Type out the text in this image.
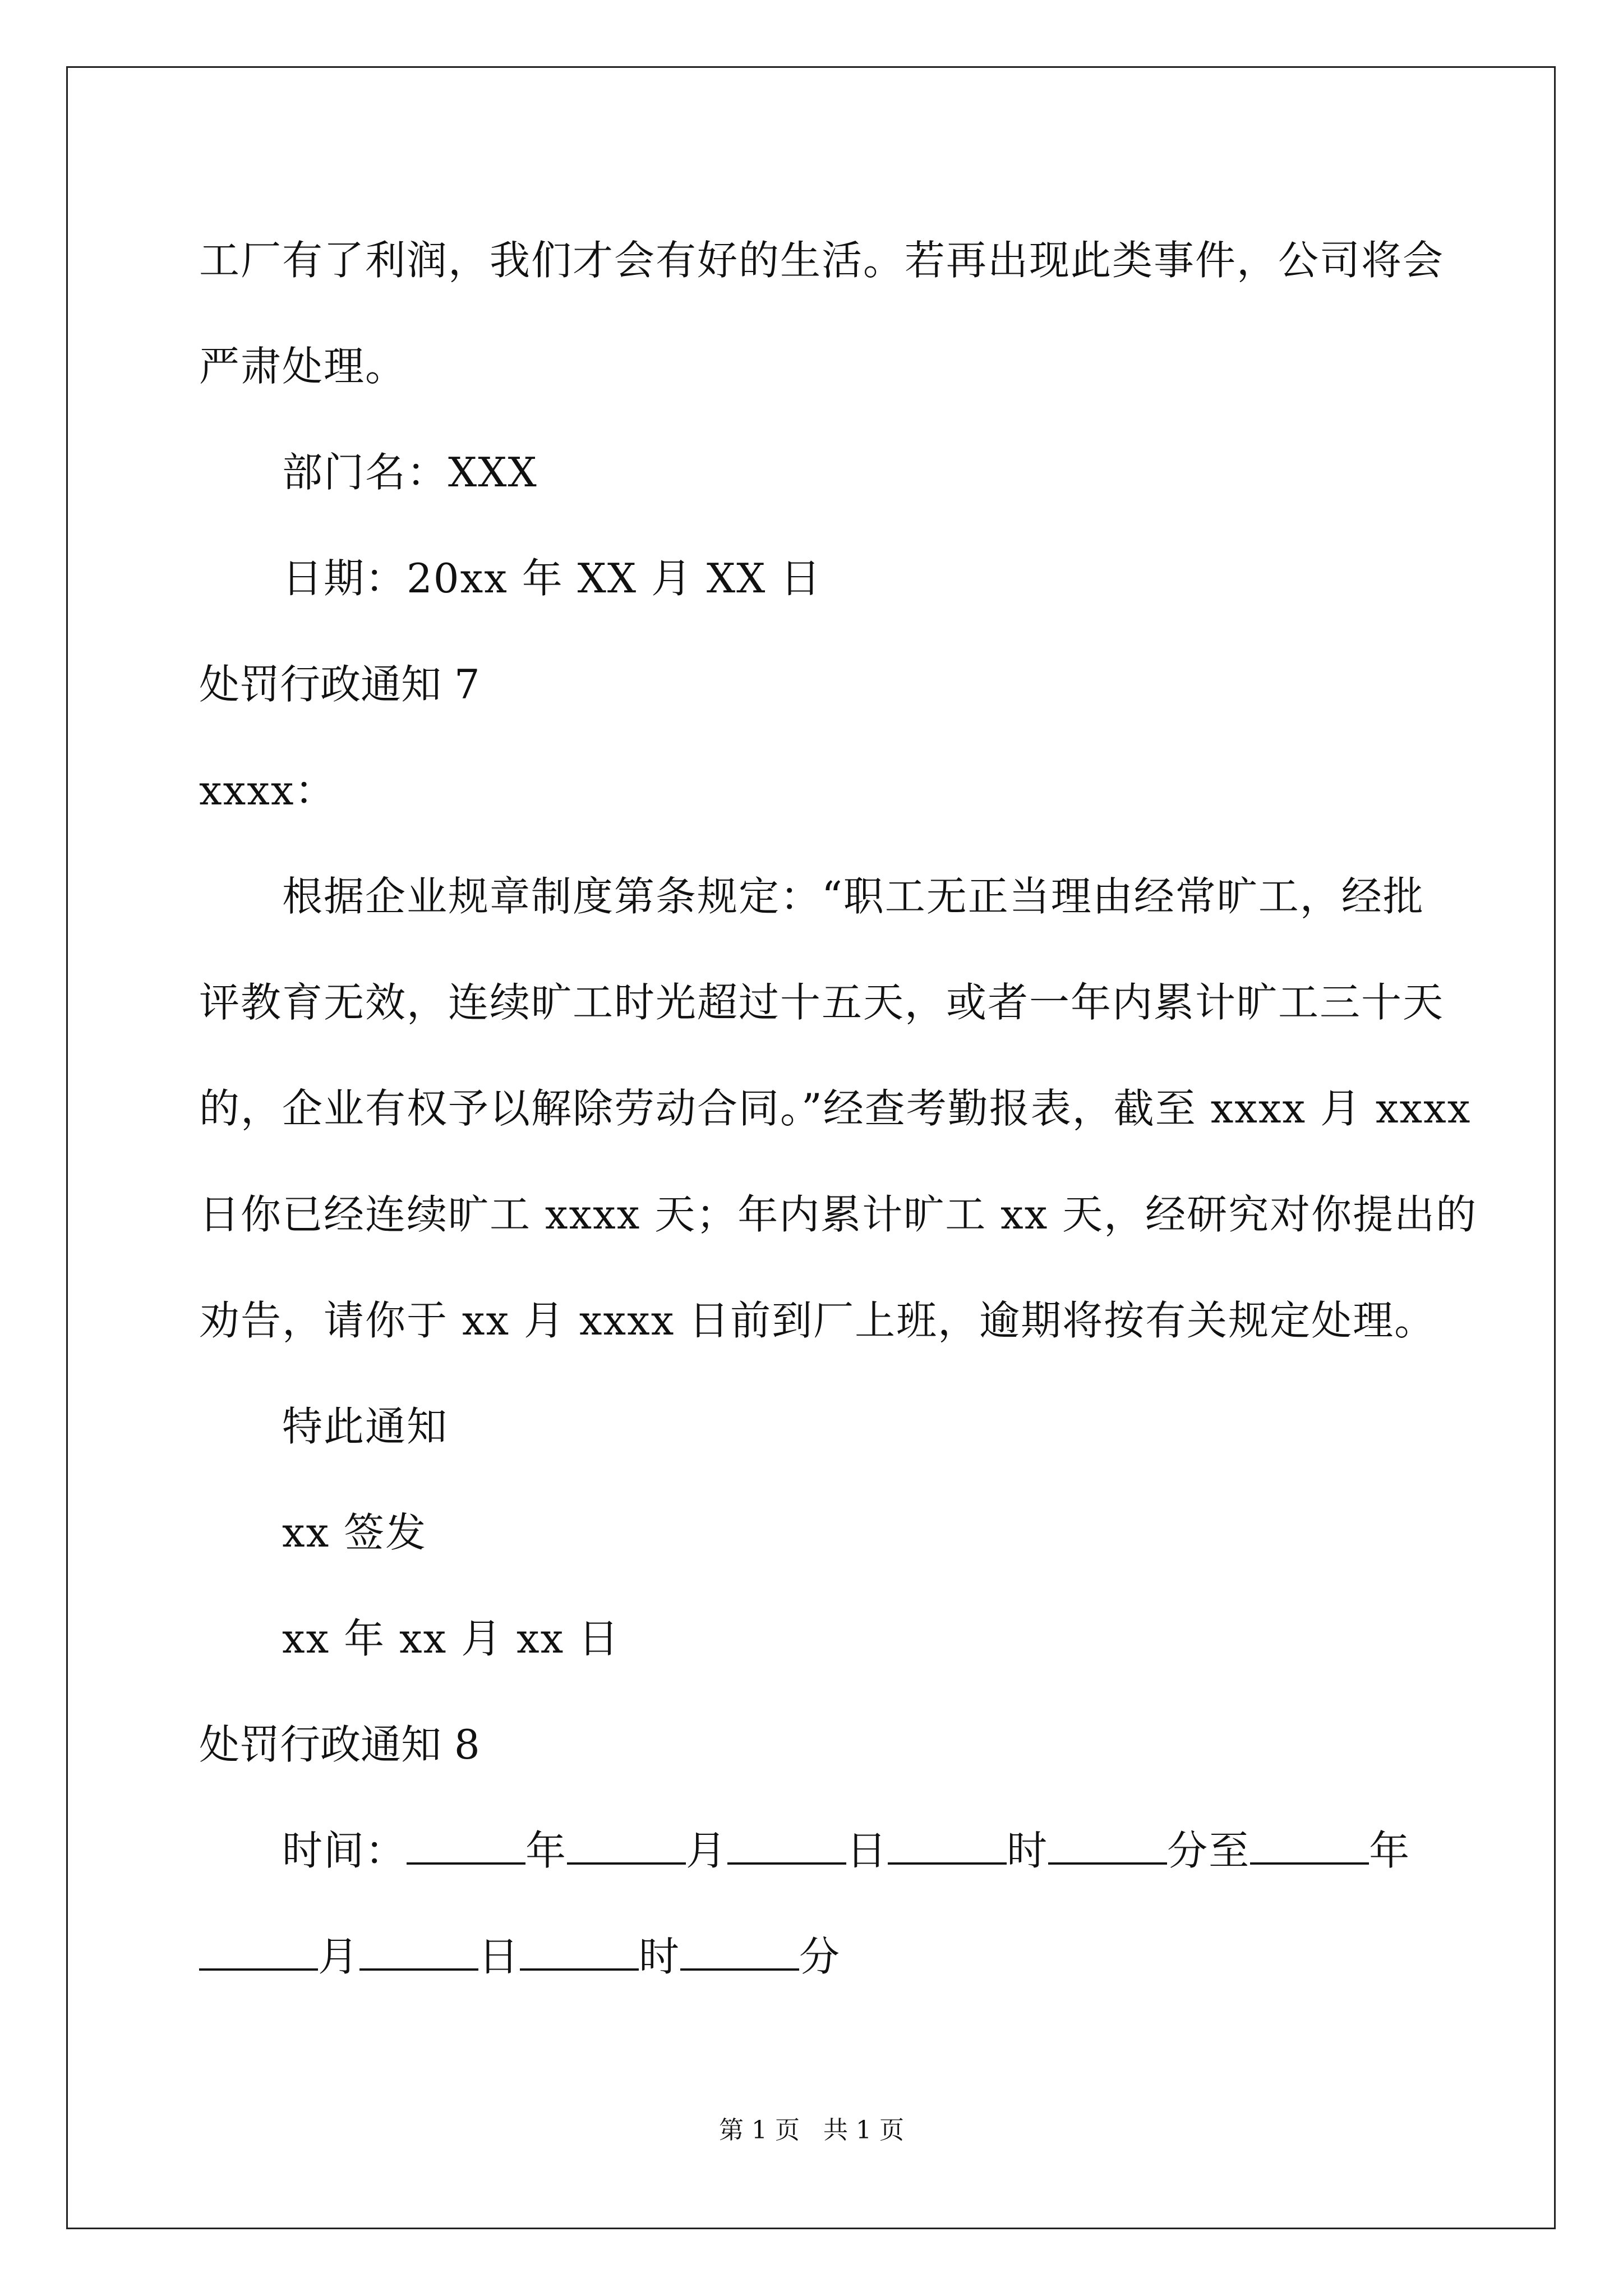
工厂有了利润，我们才会有好的生活。若再出现此类事件，公司将会
严肃处理。
部门名：XXX
日期：20xx 年 XX 月 XX 日
处罚行政通知 7
xxxx：
根据企业规章制度第条规定：“职工无正当理由经常旷工，经批
评教育无效，连续旷工时光超过十五天，或者一年内累计旷工三十天
的，企业有权予以解除劳动合同。”经查考勤报表，截至 xxxx 月 xxxx
日你已经连续旷工 xxxx 天；年内累计旷工 xx 天，经研究对你提出的
劝告，请你于 xx 月 xxxx 日前到厂上班，逾期将按有关规定处理。
特此通知
xx 签发
xx 年 xx 月 xx 日
处罚行政通知 8
时间：	年	月	日	时	分至	年
月	日	时	分
第 1 页   共 1 页
